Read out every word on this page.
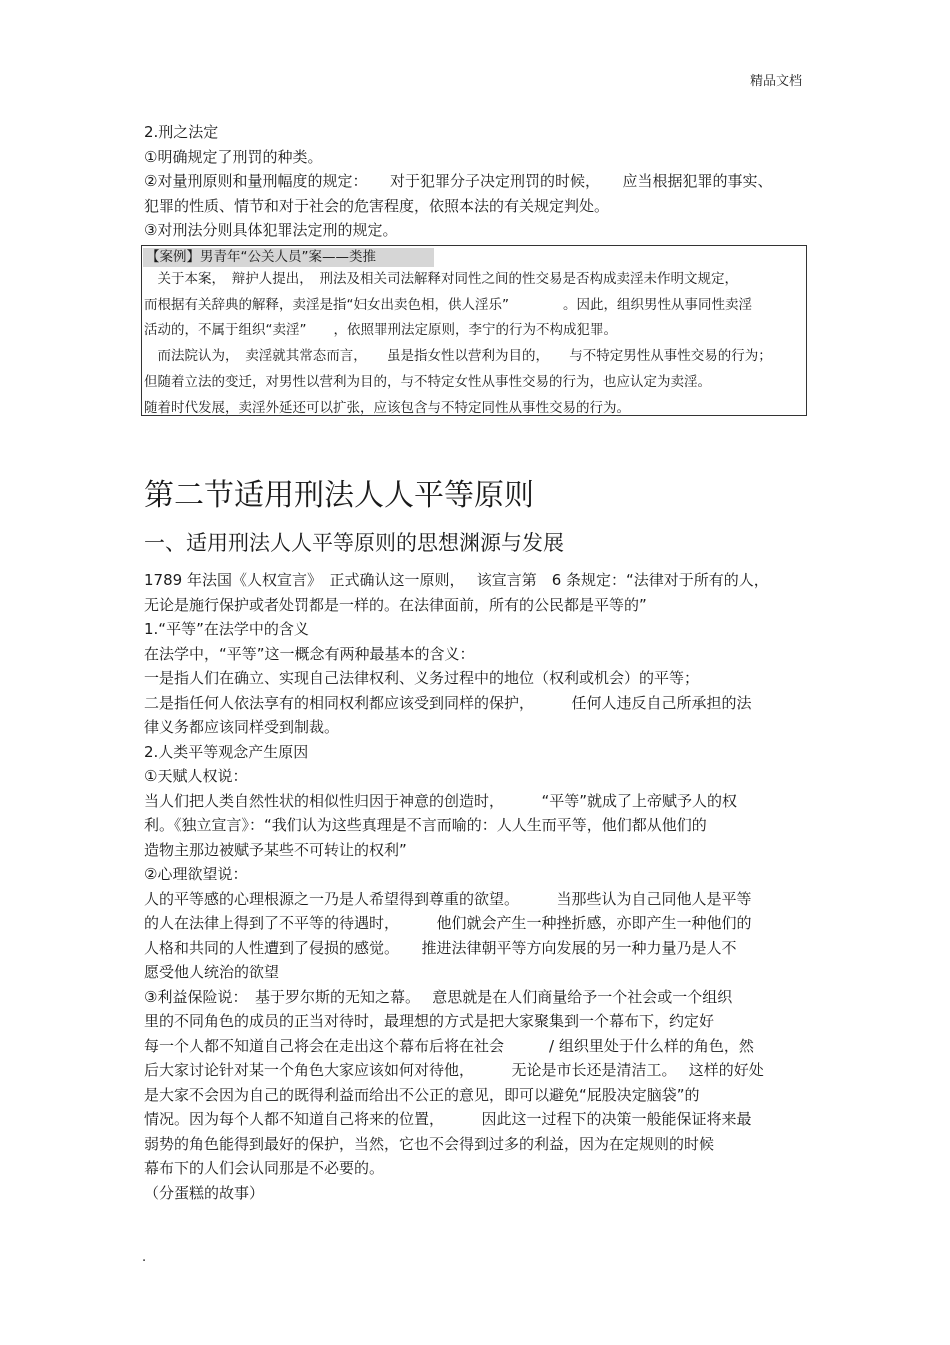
精品文档
2.刑之法定
①明确规定了刑罚的种类。
②对量刑原则和量刑幅度的规定：　　对于犯罪分子决定刑罚的时候，　　应当根据犯罪的事实、
犯罪的性质、情节和对于社会的危害程度，依照本法的有关规定判处。
③对刑法分则具体犯罪法定刑的规定。
【案例】男青年“公关人员”案——类推
　关于本案，　辩护人提出，　刑法及相关司法解释对同性之间的性交易是否构成卖淫未作明文规定，
而根据有关辞典的解释，卖淫是指“妇女出卖色相，供人淫乐”　　　　。因此，组织男性从事同性卖淫
活动的，不属于组织“卖淫”　　，依照罪刑法定原则，李宁的行为不构成犯罪。
　而法院认为，　卖淫就其常态而言，　　虽是指女性以营利为目的，　　与不特定男性从事性交易的行为；
但随着立法的变迁，对男性以营利为目的，与不特定女性从事性交易的行为，也应认定为卖淫。
随着时代发展，卖淫外延还可以扩张，应该包含与不特定同性从事性交易的行为。
第二节适用刑法人人平等原则
一、适用刑法人人平等原则的思想渊源与发展
1789 年法国《人权宣言》　正式确认这一原则，　 该宣言第　6 条规定：“法律对于所有的人，
无论是施行保护或者处罚都是一样的。在法律面前，所有的公民都是平等的”
1.“平等”在法学中的含义
在法学中，“平等”这一概念有两种最基本的含义：
一是指人们在确立、实现自己法律权利、义务过程中的地位（权利或机会）的平等；
二是指任何人依法享有的相同权利都应该受到同样的保护，　　　任何人违反自己所承担的法
律义务都应该同样受到制裁。
2.人类平等观念产生原因
①天赋人权说：
当人们把人类自然性状的相似性归因于神意的创造时，　　　“平等”就成了上帝赋予人的权
利。《独立宣言》：“我们认为这些真理是不言而喻的：人人生而平等，他们都从他们的
造物主那边被赋予某些不可转让的权利”
②心理欲望说：
人的平等感的心理根源之一乃是人希望得到尊重的欲望。　　　当那些认为自己同他人是平等
的人在法律上得到了不平等的待遇时，　　　他们就会产生一种挫折感，亦即产生一种他们的
人格和共同的人性遭到了侵损的感觉。　　推进法律朝平等方向发展的另一种力量乃是人不
愿受他人统治的欲望
③利益保险说：　基于罗尔斯的无知之幕。　 意思就是在人们商量给予一个社会或一个组织
里的不同角色的成员的正当对待时，最理想的方式是把大家聚集到一个幕布下，约定好
每一个人都不知道自己将会在走出这个幕布后将在社会　　　/ 组织里处于什么样的角色，然
后大家讨论针对某一个角色大家应该如何对待他，　　　无论是市长还是清洁工。　 这样的好处
是大家不会因为自己的既得利益而给出不公正的意见，即可以避免“屁股决定脑袋”的
情况。因为每个人都不知道自己将来的位置，　　　因此这一过程下的决策一般能保证将来最
弱势的角色能得到最好的保护，当然，它也不会得到过多的利益，因为在定规则的时候
幕布下的人们会认同那是不必要的。
（分蛋糕的故事）
.
